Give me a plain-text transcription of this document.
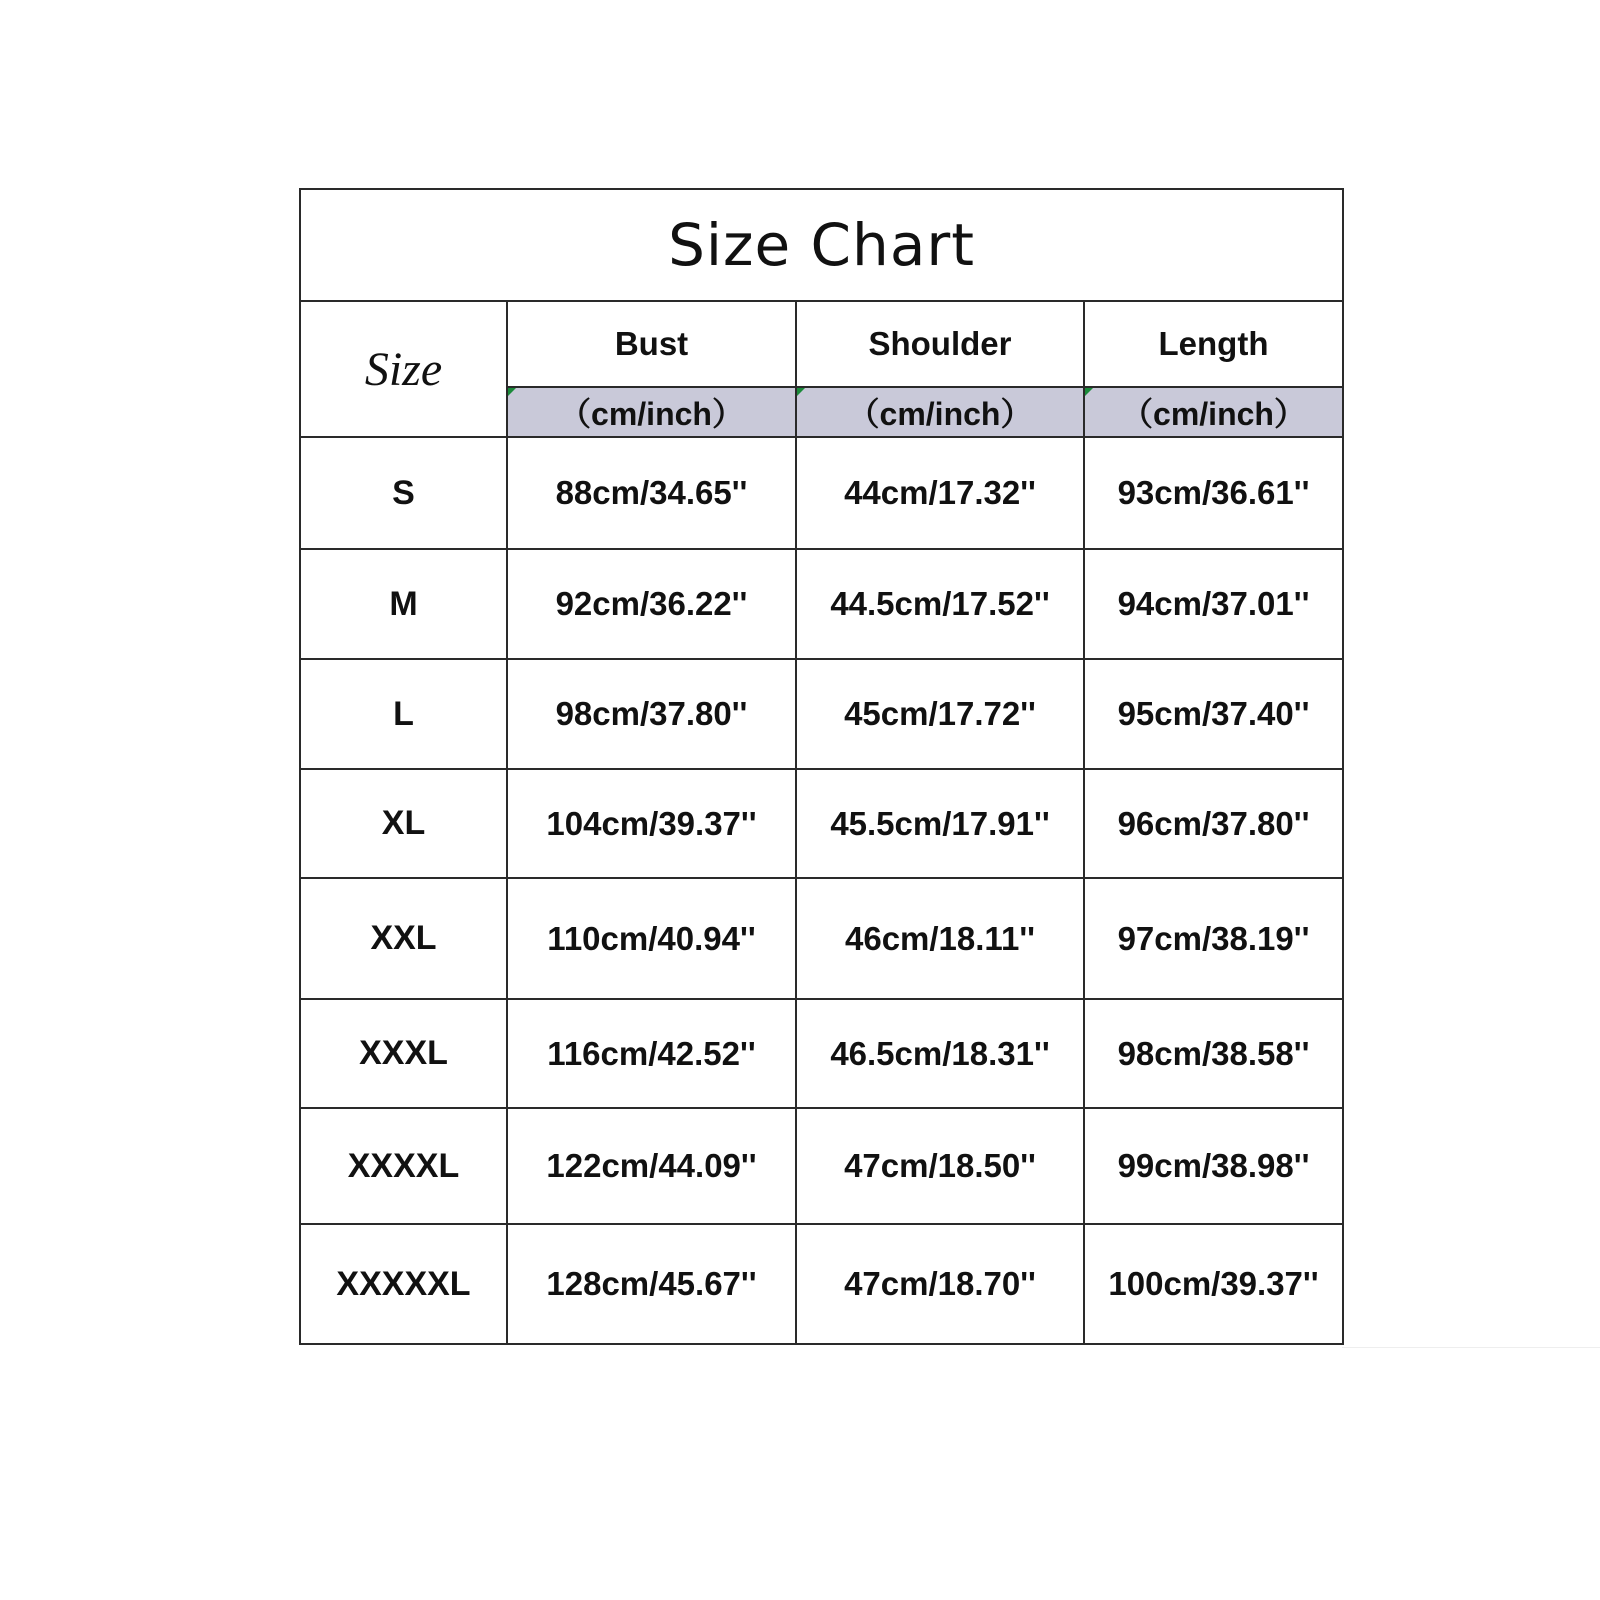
Size Chart			
Size	Bust	Shoulder	Length
	（cm/inch）	（cm/inch）	（cm/inch）
S	88cm/34.65''	44cm/17.32''	93cm/36.61''
M	92cm/36.22''	44.5cm/17.52''	94cm/37.01''
L	98cm/37.80''	45cm/17.72''	95cm/37.40''
XL	104cm/39.37''	45.5cm/17.91''	96cm/37.80''
XXL	110cm/40.94''	46cm/18.11''	97cm/38.19''
XXXL	116cm/42.52''	46.5cm/18.31''	98cm/38.58''
XXXXL	122cm/44.09''	47cm/18.50''	99cm/38.98''
XXXXXL	128cm/45.67''	47cm/18.70''	100cm/39.37''
